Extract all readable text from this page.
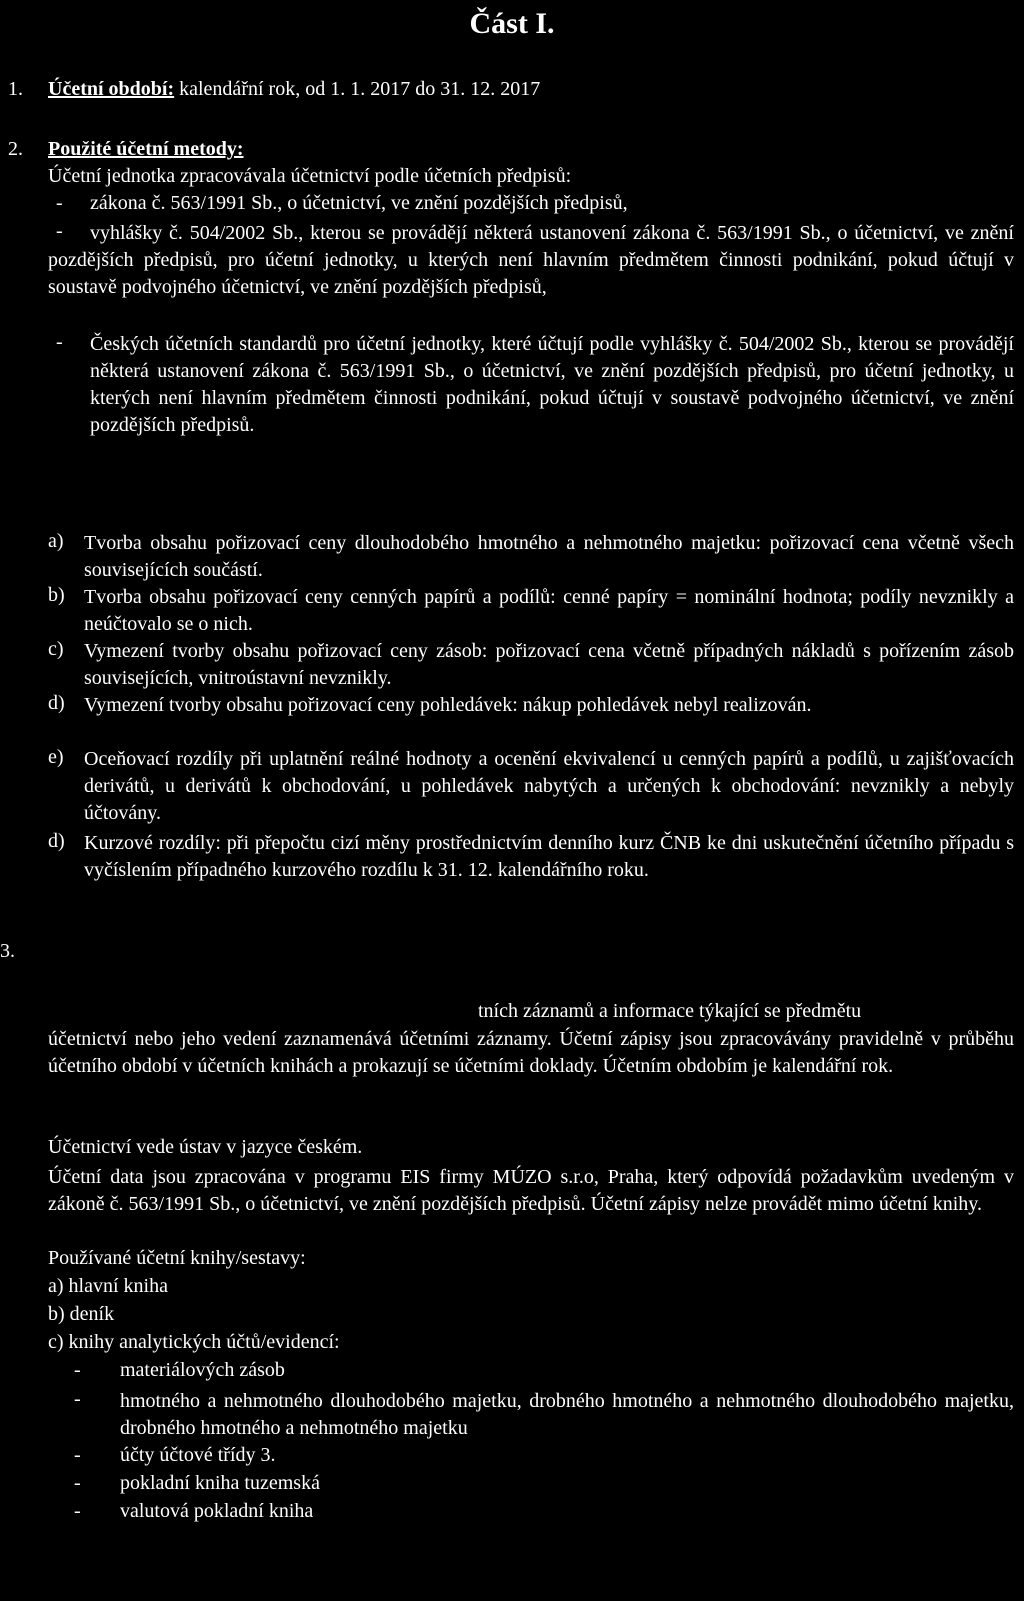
Část I.
1. Účetní období: kalendářní rok, od 1. 1. 2017 do 31. 12. 2017
2. Použité účetní metody:
Účetní jednotka zpracovávala účetnictví podle účetních předpisů:
- zákona č. 563/1991 Sb., o účetnictví, ve znění pozdějších předpisů,
-	vyhlášky č. 504/2002 Sb., kterou se provádějí některá ustanovení zákona č. 563/1991 Sb., o účetnictví, ve znění pozdějších předpisů, pro účetní jednotky, u kterých není hlavním předmětem činnosti podnikání, pokud účtují v soustavě podvojného účetnictví, ve znění pozdějších předpisů,
- Českých účetních standardů pro účetní jednotky, které účtují podle vyhlášky č. 504/2002 Sb., kterou se provádějí některá ustanovení zákona č. 563/1991 Sb., o účetnictví, ve znění pozdějších předpisů, pro účetní jednotky, u kterých není hlavním předmětem činnosti podnikání, pokud účtují v soustavě podvojného účetnictví, ve znění pozdějších předpisů.
a) Tvorba obsahu pořizovací ceny dlouhodobého hmotného a nehmotného majetku: pořizovací cena včetně všech souvisejících součástí.
b) Tvorba obsahu pořizovací ceny cenných papírů a podílů: cenné papíry = nominální hodnota; podíly nevznikly a neúčtovalo se o nich.
c) Vymezení tvorby obsahu pořizovací ceny zásob: pořizovací cena včetně případných nákladů s pořízením zásob souvisejících, vnitroústavní nevznikly.
d) Vymezení tvorby obsahu pořizovací ceny pohledávek: nákup pohledávek nebyl realizován.
e) Oceňovací rozdíly při uplatnění reálné hodnoty a ocenění ekvivalencí u cenných papírů a podílů, u zajišťovacích derivátů, u derivátů k obchodování, u pohledávek nabytých a určených k obchodování: nevznikly a nebyly účtovány.
d) Kurzové rozdíly: při přepočtu cizí měny prostřednictvím denního kurz ČNB ke dni uskutečnění účetního případu s vyčíslením případného kurzového rozdílu k 31. 12. kalendářního roku.
3.
tních záznamů a informace týkající se předmětu
účetnictví nebo jeho vedení zaznamenává účetními záznamy. Účetní zápisy jsou zpracovávány pravidelně v průběhu účetního období v účetních knihách a prokazují se účetními doklady. Účetním obdobím je kalendářní rok.
Účetnictví vede ústav v jazyce českém.
Účetní data jsou zpracována v programu EIS firmy MÚZO s.r.o, Praha, který odpovídá požadavkům uvedeným v zákoně č. 563/1991 Sb., o účetnictví, ve znění pozdějších předpisů. Účetní zápisy nelze provádět mimo účetní knihy.
Používané účetní knihy/sestavy:
a) hlavní kniha
b) deník
c) knihy analytických účtů/evidencí:
- materiálových zásob
- hmotného a nehmotného dlouhodobého majetku, drobného hmotného a nehmotného dlouhodobého majetku, drobného hmotného a nehmotného majetku
- účty účtové třídy 3.
- pokladní kniha tuzemská
- valutová pokladní kniha
